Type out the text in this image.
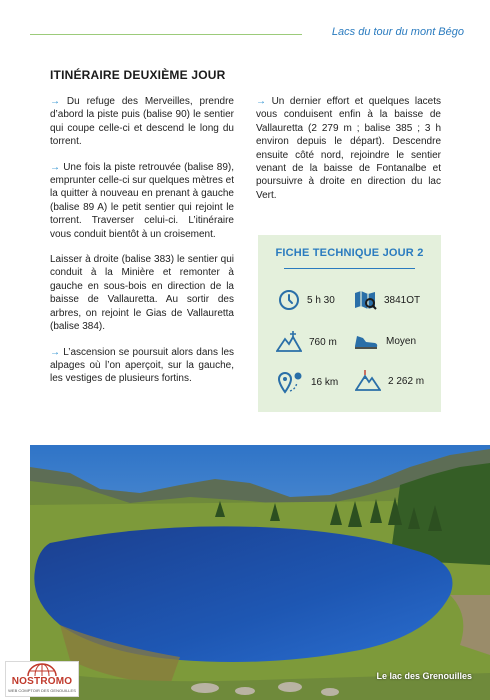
Lacs du tour du mont Bégo
ITINÉRAIRE DEUXIÈME JOUR

→ Du refuge des Merveilles, prendre d’abord la piste puis (balise 90) le sentier qui coupe celle-ci et descend le long du torrent.

→ Une fois la piste retrouvée (balise 89), emprunter celle-ci sur quelques mètres et la quitter à nouveau en prenant à gauche (balise 89 A) le petit sentier qui rejoint le torrent. Traverser celui-ci. L’itinéraire vous conduit bientôt à un croisement.

Laisser à droite (balise 383) le sentier qui conduit à la Minière et remonter à gauche en sous-bois en direction de la baisse de Vallauretta. Au sortir des arbres, on rejoint le Gias de Vallauretta (balise 384).

→ L’ascension se poursuit alors dans les alpages où l’on aperçoit, sur la gauche, les vestiges de plusieurs fortins.

→ Un dernier effort et quelques lacets vous conduisent enfin à la baisse de Vallauretta (2 279 m ; balise 385 ; 3 h environ depuis le départ). Descendre ensuite côté nord, rejoindre le sentier venant de la baisse de Fontanalbe et poursuivre à droite en direction du lac Vert.

FICHE TECHNIQUE JOUR 2
5 h 30	3841OT
760 m	Moyen
16 km	2 262 m
Le lac des Grenouilles
NOSTROMO
WEB COMPTOIR DES GENOUILLES
